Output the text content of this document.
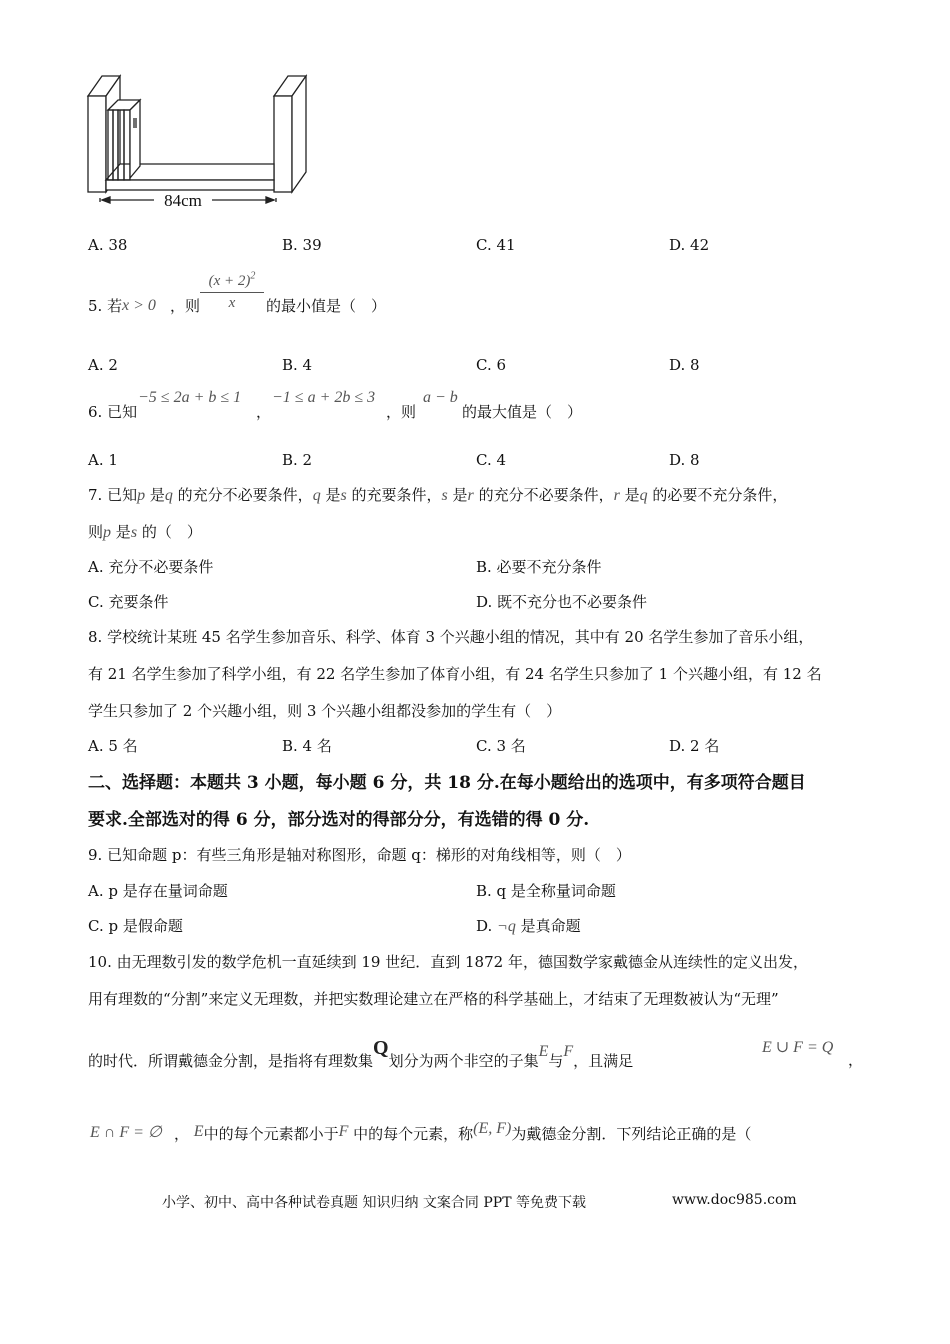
84cm
A. 38	B. 39	C. 41	D. 42
5. 若 x > 0 ，则
$(x + 2)^2$
x	的最小值是（　）
A. 2	B. 4	C. 6	D. 8
6. 已知
−5 ≤ 2a + b ≤ 1
，
−1 ≤ a + 2b ≤ 3
，则
a − b
的最大值是（　）
A. 1	B. 2	C. 4	D. 8
7. 已知p 是q 的充分不必要条件，q 是s 的充要条件，s 是r 的充分不必要条件，r 是q 的必要不充分条件，
则p 是s 的（　）
A. 充分不必要条件	B. 必要不充分条件
C. 充要条件	D. 既不充分也不必要条件
8. 学校统计某班 45 名学生参加音乐、科学、体育 3 个兴趣小组的情况，其中有 20 名学生参加了音乐小组，
有 21 名学生参加了科学小组，有 22 名学生参加了体育小组，有 24 名学生只参加了 1 个兴趣小组，有 12 名
学生只参加了 2 个兴趣小组，则 3 个兴趣小组都没参加的学生有（　）
A. 5 名	B. 4 名	C. 3 名	D. 2 名
二、选择题：本题共 3 小题，每小题 6 分，共 18 分.在每小题给出的选项中，有多项符合题目
要求.全部选对的得 6 分，部分选对的得部分分，有选错的得 0 分.
9. 已知命题 p：有些三角形是轴对称图形，命题 q：梯形的对角线相等，则（　）
A. p 是存在量词命题	B. q 是全称量词命题
C. p 是假命题	D. ¬q 是真命题
10. 由无理数引发的数学危机一直延续到 19 世纪．直到 1872 年，德国数学家戴德金从连续性的定义出发，
用有理数的“分割”来定义无理数，并把实数理论建立在严格的科学基础上，才结束了无理数被认为“无理”
的时代．所谓戴德金分割，是指将有理数集Q划分为两个非空的子集E与F，且满足
E ∪ F = Q
，
E ∩ F = ∅ ， E中的每个元素都小于F 中的每个元素，称(E, F)为戴德金分割．下列结论正确的是（
小学、初中、高中各种试卷真题 知识归纳 文案合同 PPT 等免费下载	www.doc985.com
